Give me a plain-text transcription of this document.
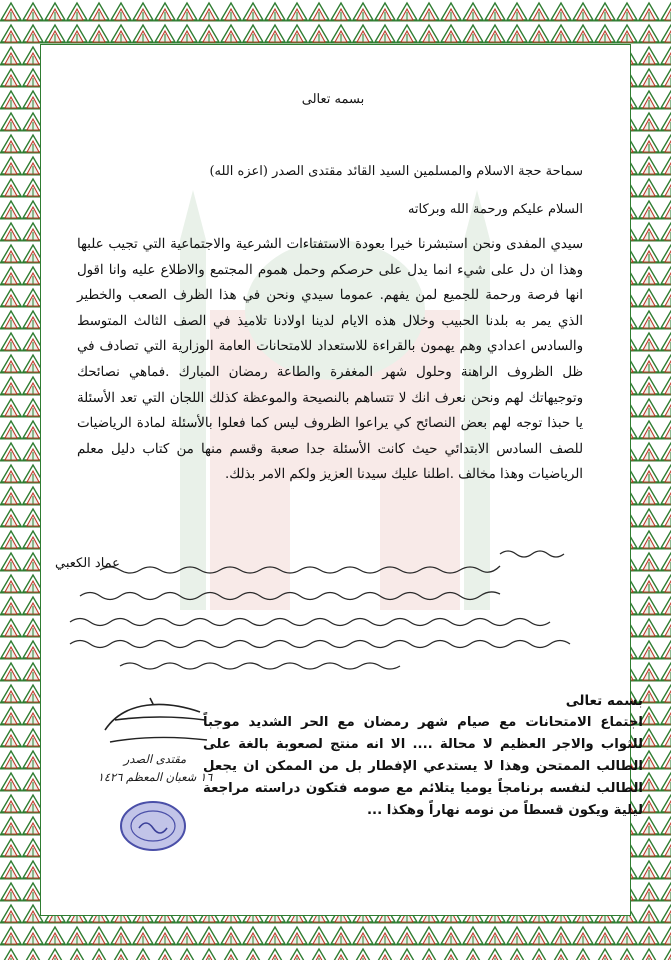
بسمه تعالى
سماحة حجة الاسلام والمسلمين السيد القائد مقتدى الصدر (اعزه الله)
السلام عليكم ورحمة الله وبركاته
سيدي المفدى ونحن استبشرنا خيرا بعودة الاستفتاءات الشرعية والاجتماعية التي تجيب علبها وهذا ان دل على شيء انما يدل على حرصكم وحمل هموم المجتمع والاطلاع عليه وانا اقول انها فرصة ورحمة للجميع لمن يفهم. عموما سيدي ونحن في هذا الظرف الصعب والخطير الذي يمر به بلدنا الحبيب وخلال هذه الايام لدينا اولادنا تلاميذ في الصف الثالث المتوسط والسادس اعدادي وهم يهمون بالقراءة للاستعداد للامتحانات العامة الوزارية التي تصادف في ظل الظروف الراهنة وحلول شهر المغفرة والطاعة رمضان المبارك .فماهي نصائحك وتوجيهاتك لهم ونحن نعرف انك لا تتساهم بالنصيحة والموعظة كذلك اللجان التي تعد الأسئلة يا حبذا توجه لهم بعض النصائح كي يراعوا الظروف ليس كما فعلوا بالأسئلة لمادة الرياضيات للصف السادس الابتدائي حيث كانت الأسئلة جدا صعبة وقسم منها من كتاب دليل معلم الرياضيات وهذا مخالف .اطلنا عليك سيدنا العزيز ولكم الامر بذلك.
عماد الكعبي
بسمه تعالى
اجتماع الامتحانات مع صيام شهر رمضان مع الحر الشديد موجباً للثواب والاجر العظيم لا محالة .... الا انه منتج لصعوبة بالغة على الطالب الممتحن وهذا لا يستدعي الإفطار بل من الممكن ان يجعل الطالب لنفسه برنامجاً يوميا يتلائم مع صومه فتكون دراسته مراجعة ليلية ويكون قسطاً من نومه نهاراً وهكذا ...
مقتدى الصدر
١٦ شعبان المعظم ١٤٢٦
